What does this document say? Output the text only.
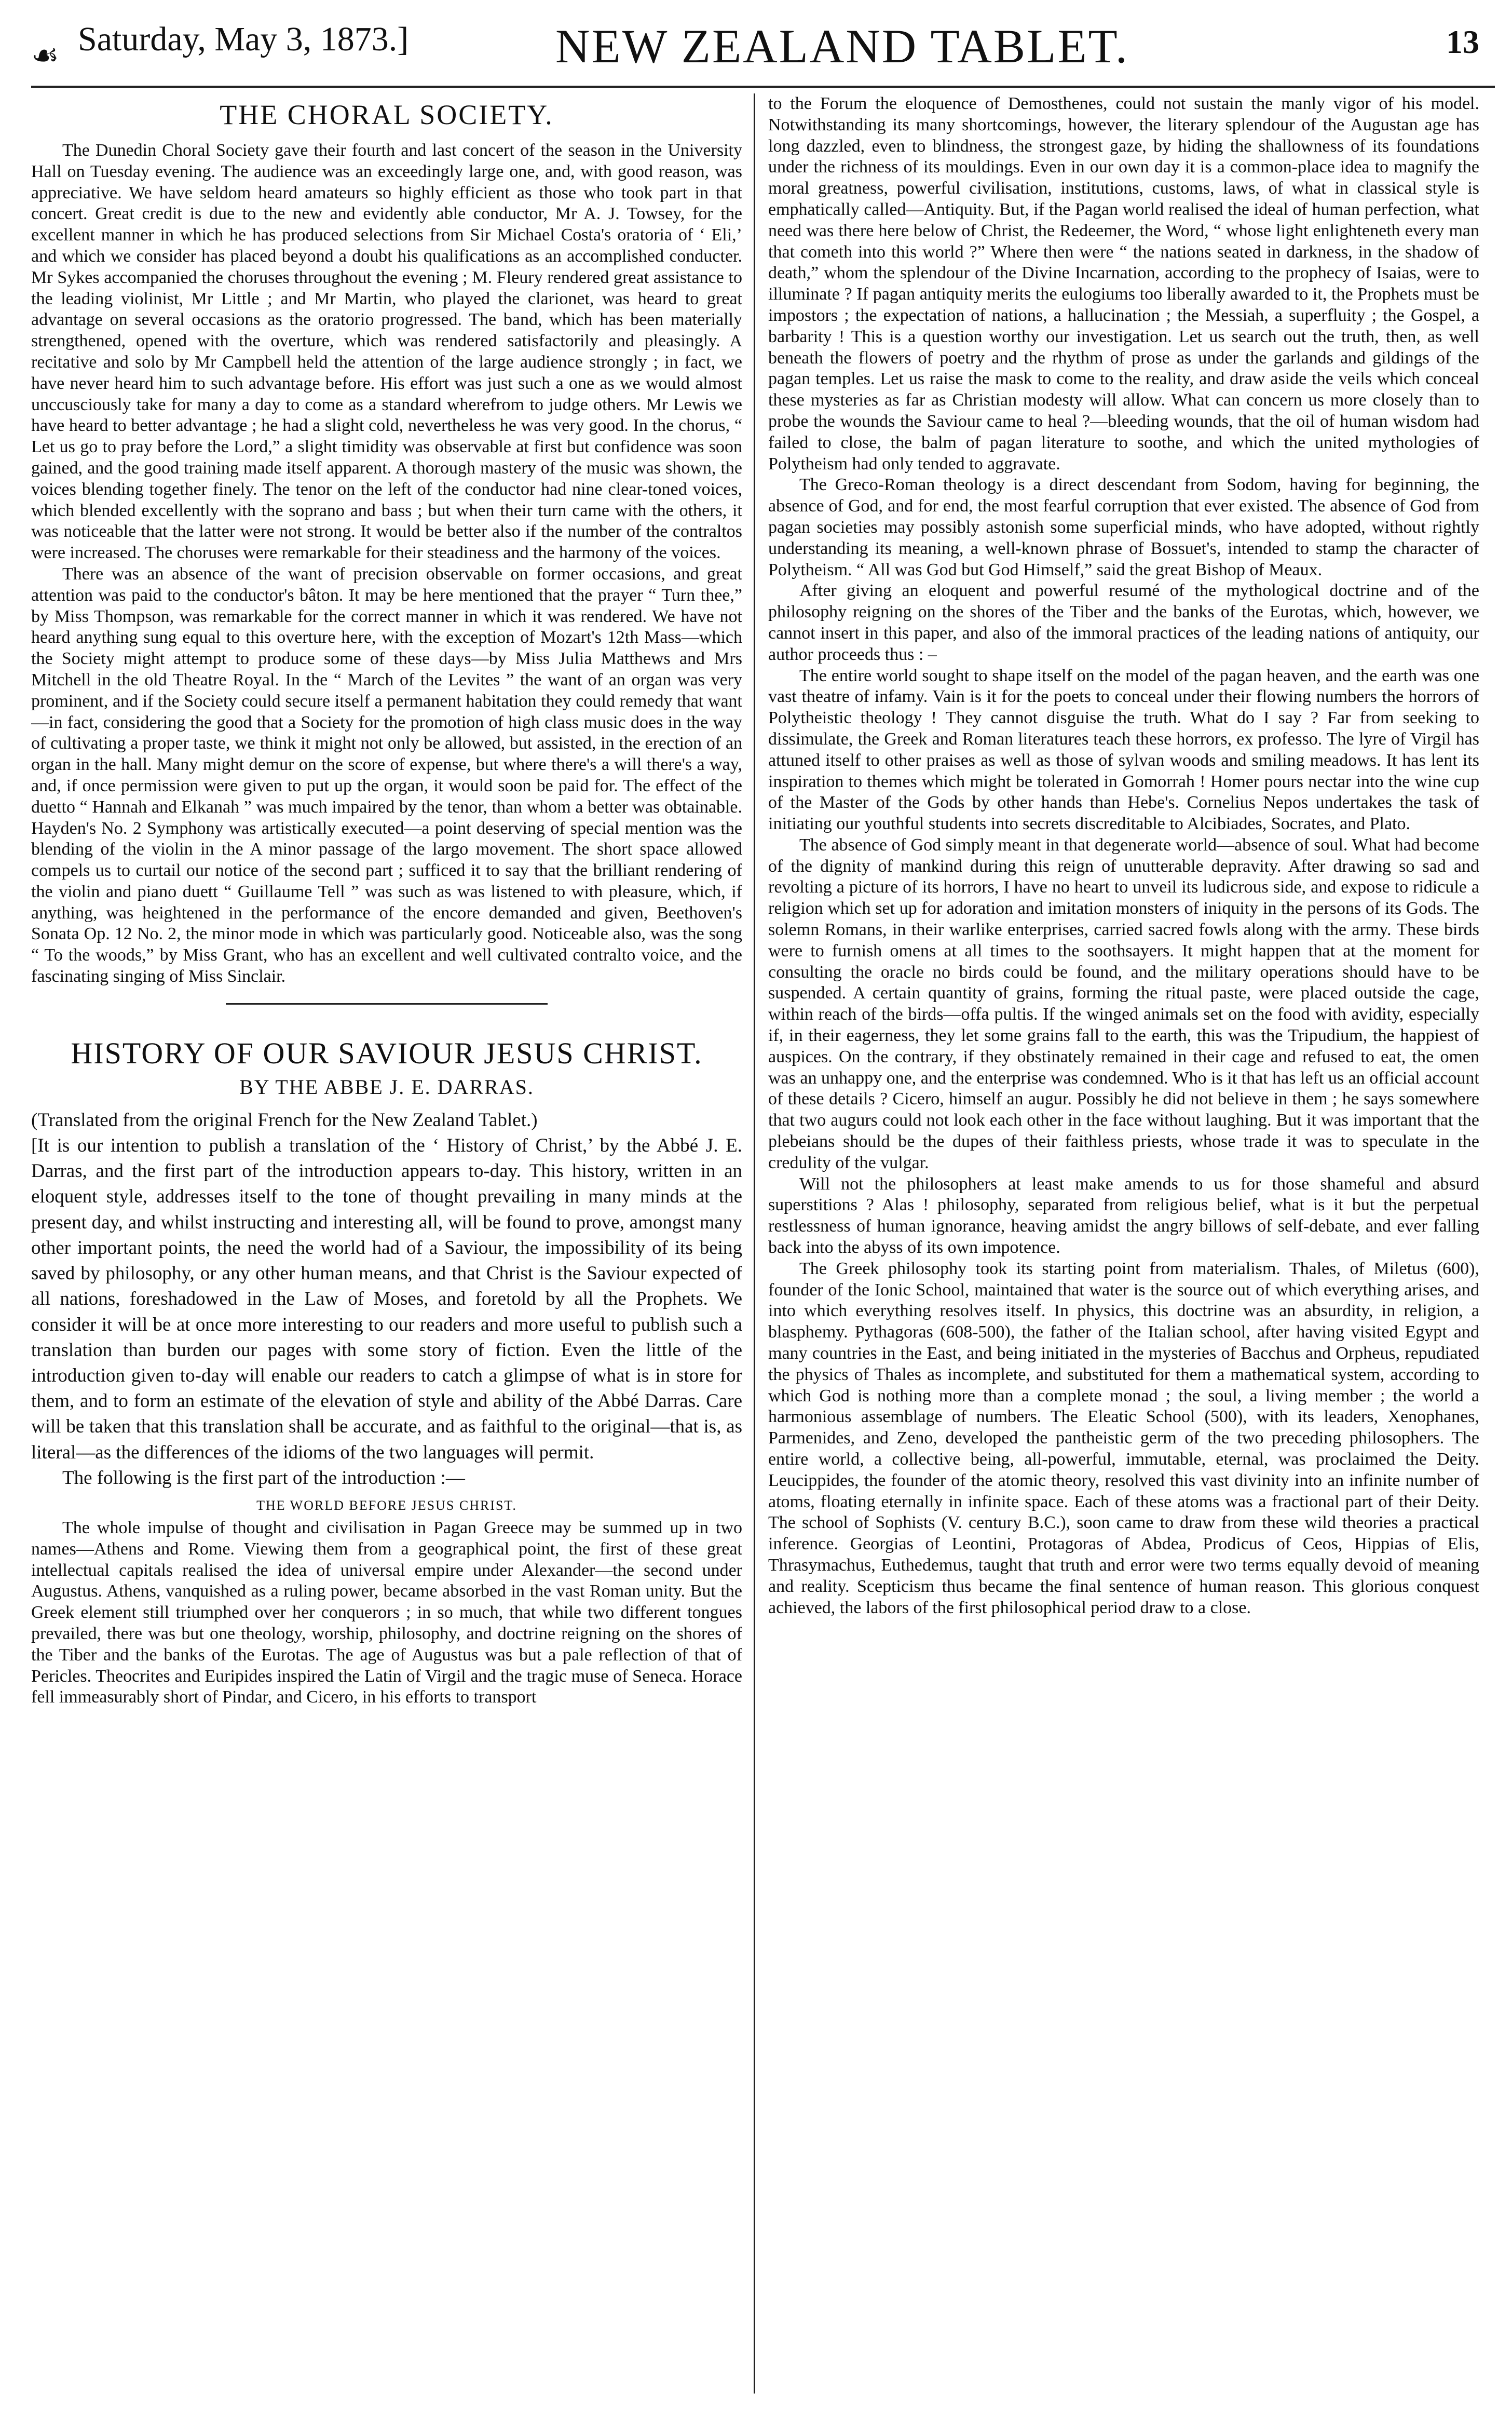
☙ Saturday, May 3, 1873.]	NEW ZEALAND TABLET.	13
THE CHORAL SOCIETY.

The Dunedin Choral Society gave their fourth and last concert of the season in the University Hall on Tuesday evening. The audience was an exceedingly large one, and, with good reason, was appreciative. We have seldom heard amateurs so highly efficient as those who took part in that concert. Great credit is due to the new and evidently able conductor, Mr A. J. Towsey, for the excellent manner in which he has produced selections from Sir Michael Costa's oratoria of ‘ Eli,’ and which we consider has placed beyond a doubt his qualifications as an accomplished conducter. Mr Sykes accompanied the choruses throughout the evening ; M. Fleury rendered great assistance to the leading violinist, Mr Little ; and Mr Martin, who played the clarionet, was heard to great advantage on several occasions as the oratorio progressed. The band, which has been materially strengthened, opened with the overture, which was rendered satisfactorily and pleasingly. A recitative and solo by Mr Campbell held the attention of the large audience strongly ; in fact, we have never heard him to such advantage before. His effort was just such a one as we would almost unccusciously take for many a day to come as a standard wherefrom to judge others. Mr Lewis we have heard to better advantage ; he had a slight cold, nevertheless he was very good. In the chorus, “ Let us go to pray before the Lord,” a slight timidity was observable at first but confidence was soon gained, and the good training made itself apparent. A thorough mastery of the music was shown, the voices blending together finely. The tenor on the left of the conductor had nine clear-toned voices, which blended excellently with the soprano and bass ; but when their turn came with the others, it was noticeable that the latter were not strong. It would be better also if the number of the contraltos were increased. The choruses were remarkable for their steadiness and the harmony of the voices.

There was an absence of the want of precision observable on former occasions, and great attention was paid to the conductor's bâton. It may be here mentioned that the prayer “ Turn thee,” by Miss Thompson, was remarkable for the correct manner in which it was rendered. We have not heard anything sung equal to this overture here, with the exception of Mozart's 12th Mass—which the Society might attempt to produce some of these days—by Miss Julia Matthews and Mrs Mitchell in the old Theatre Royal. In the “ March of the Levites ” the want of an organ was very prominent, and if the Society could secure itself a permanent habitation they could remedy that want—in fact, considering the good that a Society for the promotion of high class music does in the way of cultivating a proper taste, we think it might not only be allowed, but assisted, in the erection of an organ in the hall. Many might demur on the score of expense, but where there's a will there's a way, and, if once permission were given to put up the organ, it would soon be paid for. The effect of the duetto “ Hannah and Elkanah ” was much impaired by the tenor, than whom a better was obtainable. Hayden's No. 2 Symphony was artistically executed—a point deserving of special mention was the blending of the violin in the A minor passage of the largo movement. The short space allowed compels us to curtail our notice of the second part ; sufficed it to say that the brilliant rendering of the violin and piano duett “ Guillaume Tell ” was such as was listened to with pleasure, which, if anything, was heightened in the performance of the encore demanded and given, Beethoven's Sonata Op. 12 No. 2, the minor mode in which was particularly good. Noticeable also, was the song “ To the woods,” by Miss Grant, who has an excellent and well cultivated contralto voice, and the fascinating singing of Miss Sinclair.

HISTORY OF OUR SAVIOUR JESUS CHRIST.
BY THE ABBE J. E. DARRAS.

(Translated from the original French for the New Zealand Tablet.)

[It is our intention to publish a translation of the ‘ History of Christ,’ by the Abbé J. E. Darras, and the first part of the introduction appears to-day. This history, written in an eloquent style, addresses itself to the tone of thought prevailing in many minds at the present day, and whilst instructing and interesting all, will be found to prove, amongst many other important points, the need the world had of a Saviour, the impossibility of its being saved by philosophy, or any other human means, and that Christ is the Saviour expected of all nations, foreshadowed in the Law of Moses, and foretold by all the Prophets. We consider it will be at once more interesting to our readers and more useful to publish such a translation than burden our pages with some story of fiction. Even the little of the introduction given to-day will enable our readers to catch a glimpse of what is in store for them, and to form an estimate of the elevation of style and ability of the Abbé Darras. Care will be taken that this translation shall be accurate, and as faithful to the original—that is, as literal—as the differences of the idioms of the two languages will permit.

The following is the first part of the introduction :—

THE WORLD BEFORE JESUS CHRIST.

The whole impulse of thought and civilisation in Pagan Greece may be summed up in two names—Athens and Rome. Viewing them from a geographical point, the first of these great intellectual capitals realised the idea of universal empire under Alexander—the second under Augustus. Athens, vanquished as a ruling power, became absorbed in the vast Roman unity. But the Greek element still triumphed over her conquerors ; in so much, that while two different tongues prevailed, there was but one theology, worship, philosophy, and doctrine reigning on the shores of the Tiber and the banks of the Eurotas. The age of Augustus was but a pale reflection of that of Pericles. Theocrites and Euripides inspired the Latin of Virgil and the tragic muse of Seneca. Horace fell immeasurably short of Pindar, and Cicero, in his efforts to transport

to the Forum the eloquence of Demosthenes, could not sustain the manly vigor of his model. Notwithstanding its many shortcomings, however, the literary splendour of the Augustan age has long dazzled, even to blindness, the strongest gaze, by hiding the shallowness of its foundations under the richness of its mouldings. Even in our own day it is a common-place idea to magnify the moral greatness, powerful civilisation, institutions, customs, laws, of what in classical style is emphatically called—Antiquity. But, if the Pagan world realised the ideal of human perfection, what need was there here below of Christ, the Redeemer, the Word, “ whose light enlighteneth every man that cometh into this world ?” Where then were “ the nations seated in darkness, in the shadow of death,” whom the splendour of the Divine Incarnation, according to the prophecy of Isaias, were to illuminate ? If pagan antiquity merits the eulogiums too liberally awarded to it, the Prophets must be impostors ; the expectation of nations, a hallucination ; the Messiah, a superfluity ; the Gospel, a barbarity ! This is a question worthy our investigation. Let us search out the truth, then, as well beneath the flowers of poetry and the rhythm of prose as under the garlands and gildings of the pagan temples. Let us raise the mask to come to the reality, and draw aside the veils which conceal these mysteries as far as Christian modesty will allow. What can concern us more closely than to probe the wounds the Saviour came to heal ?—bleeding wounds, that the oil of human wisdom had failed to close, the balm of pagan literature to soothe, and which the united mythologies of Polytheism had only tended to aggravate.

The Greco-Roman theology is a direct descendant from Sodom, having for beginning, the absence of God, and for end, the most fearful corruption that ever existed. The absence of God from pagan societies may possibly astonish some superficial minds, who have adopted, without rightly understanding its meaning, a well-known phrase of Bossuet's, intended to stamp the character of Polytheism. “ All was God but God Himself,” said the great Bishop of Meaux.

After giving an eloquent and powerful resumé of the mythological doctrine and of the philosophy reigning on the shores of the Tiber and the banks of the Eurotas, which, however, we cannot insert in this paper, and also of the immoral practices of the leading nations of antiquity, our author proceeds thus : –

The entire world sought to shape itself on the model of the pagan heaven, and the earth was one vast theatre of infamy. Vain is it for the poets to conceal under their flowing numbers the horrors of Polytheistic theology ! They cannot disguise the truth. What do I say ? Far from seeking to dissimulate, the Greek and Roman literatures teach these horrors, ex professo. The lyre of Virgil has attuned itself to other praises as well as those of sylvan woods and smiling meadows. It has lent its inspiration to themes which might be tolerated in Gomorrah ! Homer pours nectar into the wine cup of the Master of the Gods by other hands than Hebe's. Cornelius Nepos undertakes the task of initiating our youthful students into secrets discreditable to Alcibiades, Socrates, and Plato.

The absence of God simply meant in that degenerate world—absence of soul. What had become of the dignity of mankind during this reign of unutterable depravity. After drawing so sad and revolting a picture of its horrors, I have no heart to unveil its ludicrous side, and expose to ridicule a religion which set up for adoration and imitation monsters of iniquity in the persons of its Gods. The solemn Romans, in their warlike enterprises, carried sacred fowls along with the army. These birds were to furnish omens at all times to the soothsayers. It might happen that at the moment for consulting the oracle no birds could be found, and the military operations should have to be suspended. A certain quantity of grains, forming the ritual paste, were placed outside the cage, within reach of the birds—offa pultis. If the winged animals set on the food with avidity, especially if, in their eagerness, they let some grains fall to the earth, this was the Tripudium, the happiest of auspices. On the contrary, if they obstinately remained in their cage and refused to eat, the omen was an unhappy one, and the enterprise was condemned. Who is it that has left us an official account of these details ? Cicero, himself an augur. Possibly he did not believe in them ; he says somewhere that two augurs could not look each other in the face without laughing. But it was important that the plebeians should be the dupes of their faithless priests, whose trade it was to speculate in the credulity of the vulgar.

Will not the philosophers at least make amends to us for those shameful and absurd superstitions ? Alas ! philosophy, separated from religious belief, what is it but the perpetual restlessness of human ignorance, heaving amidst the angry billows of self-debate, and ever falling back into the abyss of its own impotence.

The Greek philosophy took its starting point from materialism. Thales, of Miletus (600), founder of the Ionic School, maintained that water is the source out of which everything arises, and into which everything resolves itself. In physics, this doctrine was an absurdity, in religion, a blasphemy. Pythagoras (608-500), the father of the Italian school, after having visited Egypt and many countries in the East, and being initiated in the mysteries of Bacchus and Orpheus, repudiated the physics of Thales as incomplete, and substituted for them a mathematical system, according to which God is nothing more than a complete monad ; the soul, a living member ; the world a harmonious assemblage of numbers. The Eleatic School (500), with its leaders, Xenophanes, Parmenides, and Zeno, developed the pantheistic germ of the two preceding philosophers. The entire world, a collective being, all-powerful, immutable, eternal, was proclaimed the Deity. Leucippides, the founder of the atomic theory, resolved this vast divinity into an infinite number of atoms, floating eternally in infinite space. Each of these atoms was a fractional part of their Deity. The school of Sophists (V. century B.C.), soon came to draw from these wild theories a practical inference. Georgias of Leontini, Protagoras of Abdea, Prodicus of Ceos, Hippias of Elis, Thrasymachus, Euthedemus, taught that truth and error were two terms equally devoid of meaning and reality. Scepticism thus became the final sentence of human reason. This glorious conquest achieved, the labors of the first philosophical period draw to a close.
